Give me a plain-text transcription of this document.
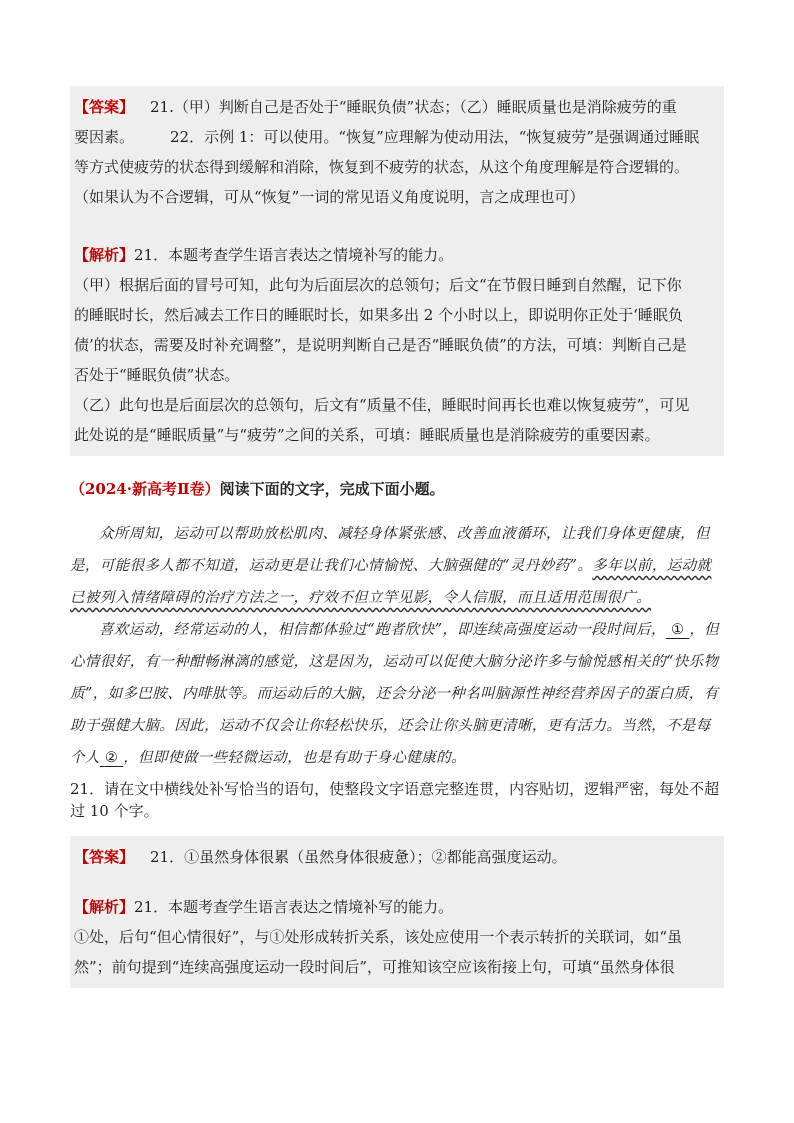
【答案】 21.（甲）判断自己是否处于“睡眠负债”状态；（乙）睡眠质量也是消除疲劳的重

要因素。 22．示例 1：可以使用。“恢复”应理解为使动用法，“恢复疲劳”是强调通过睡眠

等方式使疲劳的状态得到缓解和消除，恢复到不疲劳的状态，从这个角度理解是符合逻辑的。

（如果认为不合逻辑，可从“恢复”一词的常见语义角度说明，言之成理也可）

【解析】21．本题考查学生语言表达之情境补写的能力。

（甲）根据后面的冒号可知，此句为后面层次的总领句；后文“在节假日睡到自然醒，记下你

的睡眠时长，然后减去工作日的睡眠时长，如果多出 2 个小时以上，即说明你正处于‘睡眠负

债’的状态，需要及时补充调整”，是说明判断自己是否“睡眠负债”的方法，可填：判断自己是

否处于“睡眠负债”状态。

（乙）此句也是后面层次的总领句，后文有“质量不佳，睡眠时间再长也难以恢复疲劳”，可见

此处说的是“睡眠质量”与“疲劳”之间的关系，可填：睡眠质量也是消除疲劳的重要因素。

（2024·新高考Ⅱ卷）阅读下面的文字，完成下面小题。

众所周知，运动可以帮助放松肌肉、减轻身体紧张感、改善血液循环，让我们身体更健康，但是，可能很多人都不知道，运动更是让我们心情愉悦、大脑强健的“灵丹妙药”。多年以前，运动就已被列入情绪障碍的治疗方法之一，疗效不但立竿见影，令人信服，而且适用范围很广。

喜欢运动，经常运动的人，相信都体验过“跑者欣快”，即连续高强度运动一段时间后， ① ，但心情很好，有一种酣畅淋漓的感觉，这是因为，运动可以促使大脑分泌许多与愉悦感相关的“快乐物质”，如多巴胺、内啡肽等。而运动后的大脑，还会分泌一种名叫脑源性神经营养因子的蛋白质，有助于强健大脑。因此，运动不仅会让你轻松快乐，还会让你头脑更清晰，更有活力。当然，不是每个人 ② ，但即使做一些轻微运动，也是有助于身心健康的。

21．请在文中横线处补写恰当的语句，使整段文字语意完整连贯，内容贴切，逻辑严密，每处不超过 10 个字。

【答案】 21．①虽然身体很累（虽然身体很疲惫）；②都能高强度运动。

【解析】21．本题考查学生语言表达之情境补写的能力。

①处，后句“但心情很好”，与①处形成转折关系，该处应使用一个表示转折的关联词，如“虽

然”；前句提到“连续高强度运动一段时间后”，可推知该空应该衔接上句，可填“虽然身体很
